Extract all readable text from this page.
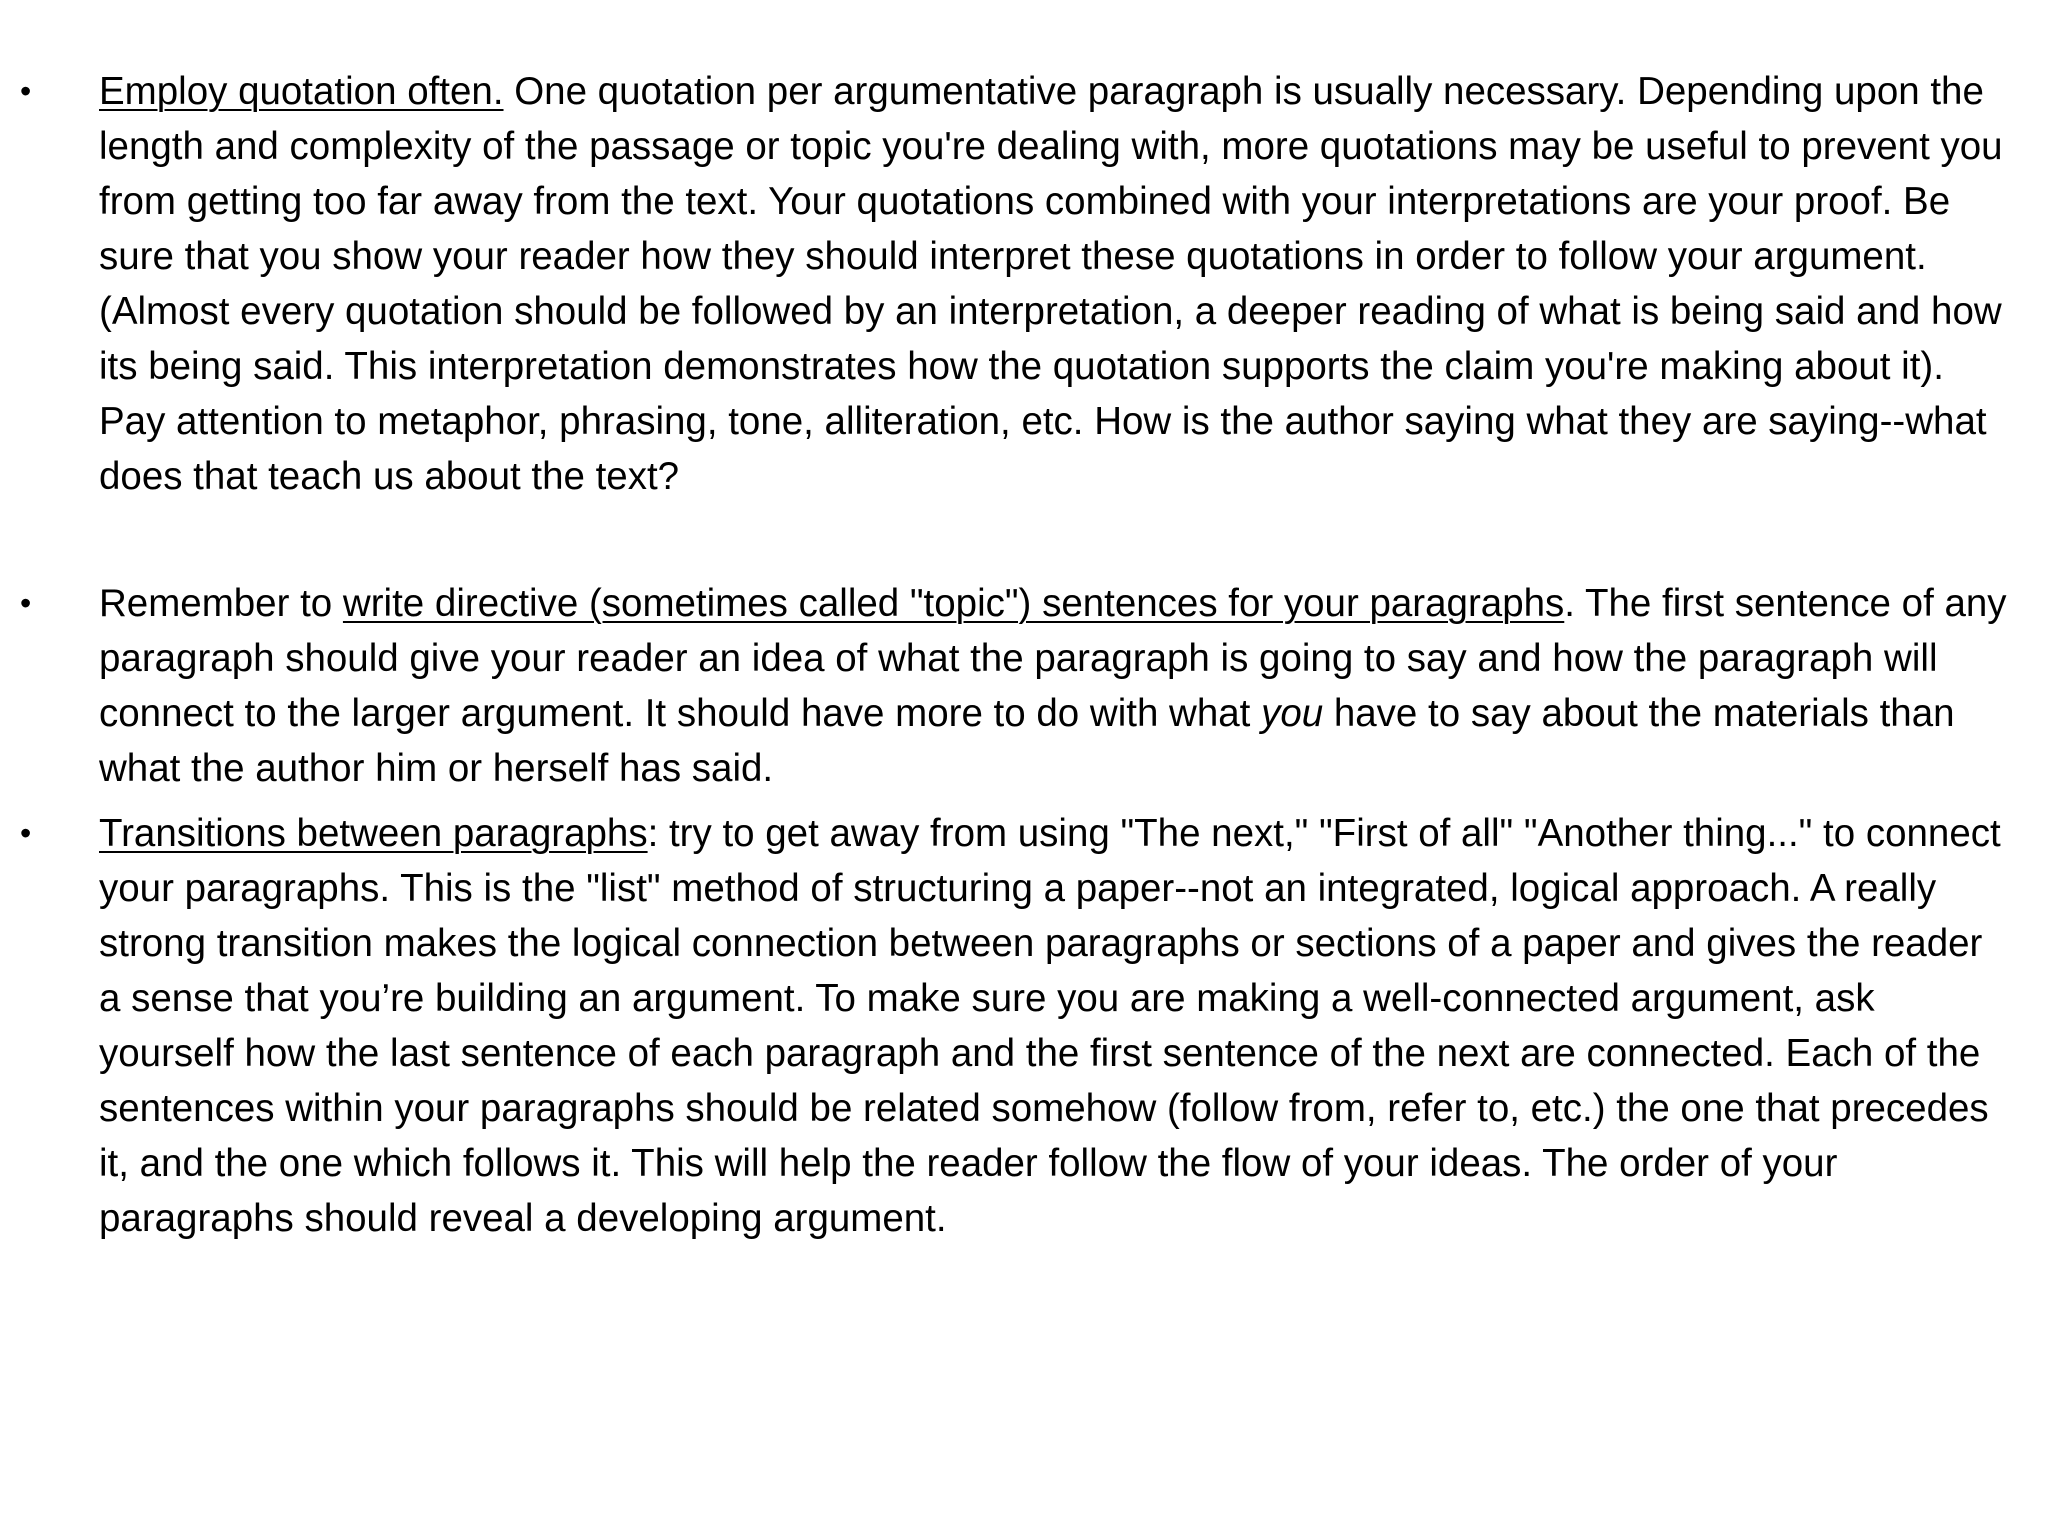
•	Employ quotation often. One quotation per argumentative paragraph is usually necessary. Depending upon the length and complexity of the passage or topic you're dealing with, more quotations may be useful to prevent you from getting too far away from the text. Your quotations combined with your interpretations are your proof. Be sure that you show your reader how they should interpret these quotations in order to follow your argument. (Almost every quotation should be followed by an interpretation, a deeper reading of what is being said and how its being said. This interpretation demonstrates how the quotation supports the claim you're making about it). Pay attention to metaphor, phrasing, tone, alliteration, etc. How is the author saying what they are saying--what does that teach us about the text?
•	Remember to write directive (sometimes called "topic") sentences for your paragraphs. The first sentence of any paragraph should give your reader an idea of what the paragraph is going to say and how the paragraph will connect to the larger argument. It should have more to do with what you have to say about the materials than what the author him or herself has said.
•	Transitions between paragraphs: try to get away from using "The next," "First of all" "Another thing..." to connect your paragraphs. This is the "list" method of structuring a paper--not an integrated, logical approach. A really strong transition makes the logical connection between paragraphs or sections of a paper and gives the reader a sense that you’re building an argument. To make sure you are making a well-connected argument, ask yourself how the last sentence of each paragraph and the first sentence of the next are connected. Each of the sentences within your paragraphs should be related somehow (follow from, refer to, etc.) the one that precedes it, and the one which follows it. This will help the reader follow the flow of your ideas. The order of your paragraphs should reveal a developing argument.
